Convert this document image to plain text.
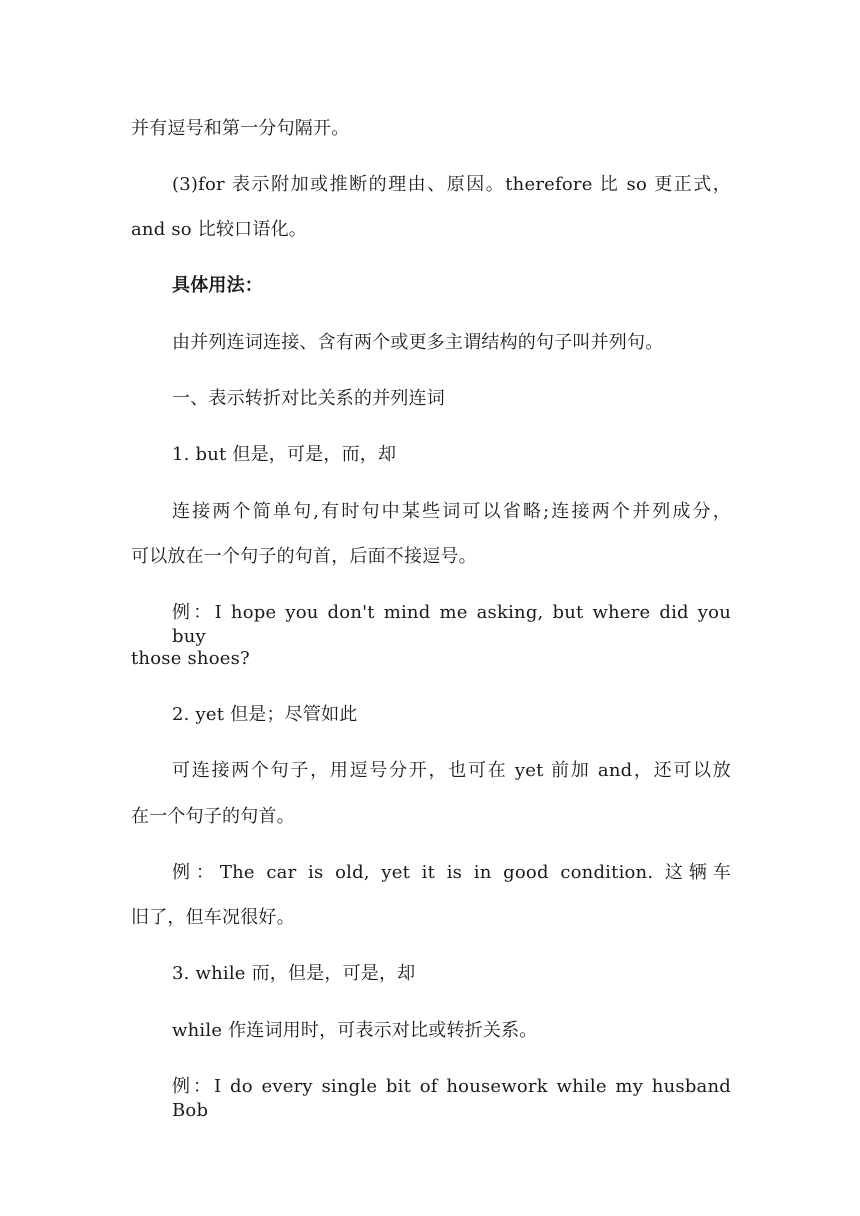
并有逗号和第一分句隔开。
(3)for 表示附加或推断的理由、原因。therefore 比 so 更正式，
and so 比较口语化。
具体用法：
由并列连词连接、含有两个或更多主谓结构的句子叫并列句。
一、表示转折对比关系的并列连词
1. but 但是，可是，而，却
连接两个简单句,有时句中某些词可以省略;连接两个并列成分，
可以放在一个句子的句首，后面不接逗号。
例：I hope you don't mind me asking, but where did you buy
those shoes?
2. yet 但是；尽管如此
可连接两个句子，用逗号分开，也可在 yet 前加 and，还可以放
在一个句子的句首。
例：The car is old, yet it is in good condition. 这辆车
旧了，但车况很好。
3. while 而，但是，可是，却
while 作连词用时，可表示对比或转折关系。
例：I do every single bit of housework while my husband Bob
